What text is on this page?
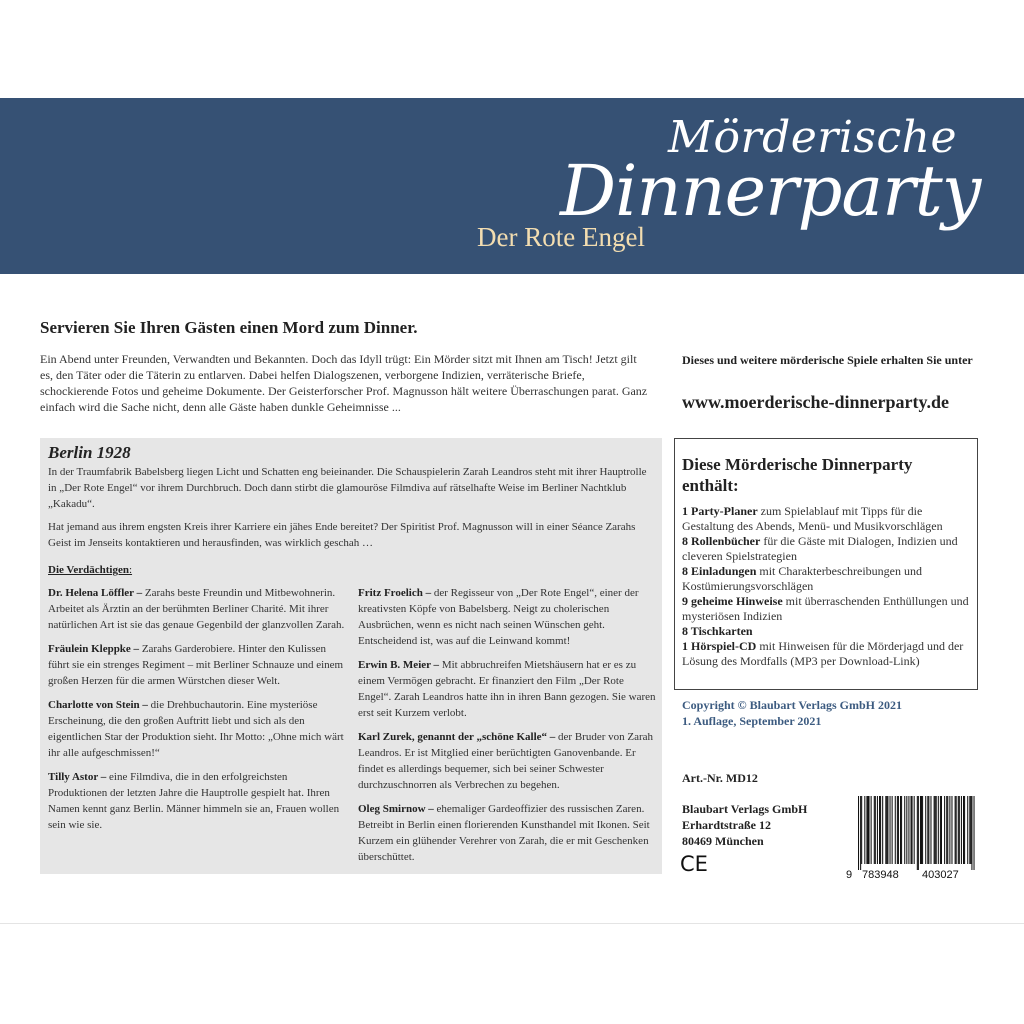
Mörderische
Dinnerparty
Der Rote Engel
Servieren Sie Ihren Gästen einen Mord zum Dinner.
Ein Abend unter Freunden, Verwandten und Bekannten. Doch das Idyll trügt: Ein Mörder sitzt mit Ihnen am Tisch! Jetzt gilt es, den Täter oder die Täterin zu entlarven. Dabei helfen Dialogszenen, verborgene Indizien, verräterische Briefe, schockierende Fotos und geheime Dokumente. Der Geisterforscher Prof. Magnusson hält weitere Überraschungen parat. Ganz einfach wird die Sache nicht, denn alle Gäste haben dunkle Geheimnisse ...
Dieses und weitere mörderische Spiele erhalten Sie unter
www.moerderische-dinnerparty.de
Berlin 1928
In der Traumfabrik Babelsberg liegen Licht und Schatten eng beieinander. Die Schauspielerin Zarah Leandros steht mit ihrer Hauptrolle in „Der Rote Engel“ vor ihrem Durchbruch. Doch dann stirbt die glamouröse Filmdiva auf rätselhafte Weise im Berliner Nachtklub „Kakadu“.
Hat jemand aus ihrem engsten Kreis ihrer Karriere ein jähes Ende bereitet? Der Spiritist Prof. Magnusson will in einer Séance Zarahs Geist im Jenseits kontaktieren und herausfinden, was wirklich geschah …
Die Verdächtigen:
Dr. Helena Löffler – Zarahs beste Freundin und Mitbewohnerin. Arbeitet als Ärztin an der berühmten Berliner Charité. Mit ihrer natürlichen Art ist sie das genaue Gegenbild der glanzvollen Zarah.
Fräulein Kleppke – Zarahs Garderobiere. Hinter den Kulissen führt sie ein strenges Regiment – mit Berliner Schnauze und einem großen Herzen für die armen Würstchen dieser Welt.
Charlotte von Stein – die Drehbuchautorin. Eine mysteriöse Erscheinung, die den großen Auftritt liebt und sich als den eigentlichen Star der Produktion sieht. Ihr Motto: „Ohne mich wärt ihr alle aufgeschmissen!“
Tilly Astor – eine Filmdiva, die in den erfolgreichsten Produktionen der letzten Jahre die Hauptrolle gespielt hat. Ihren Namen kennt ganz Berlin. Männer himmeln sie an, Frauen wollen sein wie sie.
Fritz Froelich – der Regisseur von „Der Rote Engel“, einer der kreativsten Köpfe von Babelsberg. Neigt zu cholerischen Ausbrüchen, wenn es nicht nach seinen Wünschen geht. Entscheidend ist, was auf die Leinwand kommt!
Erwin B. Meier – Mit abbruchreifen Mietshäusern hat er es zu einem Vermögen gebracht. Er finanziert den Film „Der Rote Engel“. Zarah Leandros hatte ihn in ihren Bann gezogen. Sie waren erst seit Kurzem verlobt.
Karl Zurek, genannt der „schöne Kalle“ – der Bruder von Zarah Leandros. Er ist Mitglied einer berüchtigten Ganovenbande. Er findet es allerdings bequemer, sich bei seiner Schwester durchzuschnorren als Verbrechen zu begehen.
Oleg Smirnow – ehemaliger Gardeoffizier des russischen Zaren. Betreibt in Berlin einen florierenden Kunsthandel mit Ikonen. Seit Kurzem ein glühender Verehrer von Zarah, die er mit Geschenken überschüttet.
Diese Mörderische Dinnerparty enthält:
1 Party-Planer zum Spielablauf mit Tipps für die Gestaltung des Abends, Menü- und Musikvorschlägen
8 Rollenbücher für die Gäste mit Dialogen, Indizien und cleveren Spielstrategien
8 Einladungen mit Charakterbeschreibungen und Kostümierungsvorschlägen
9 geheime Hinweise mit überraschenden Enthüllungen und mysteriösen Indizien
8 Tischkarten
1 Hörspiel-CD mit Hinweisen für die Mörderjagd und der Lösung des Mordfalls (MP3 per Download-Link)
Copyright © Blaubart Verlags GmbH 2021
1. Auflage, September 2021
Art.-Nr. MD12
Blaubart Verlags GmbH
Erhardtstraße 12
80469 München
CE	9 783948 403027
